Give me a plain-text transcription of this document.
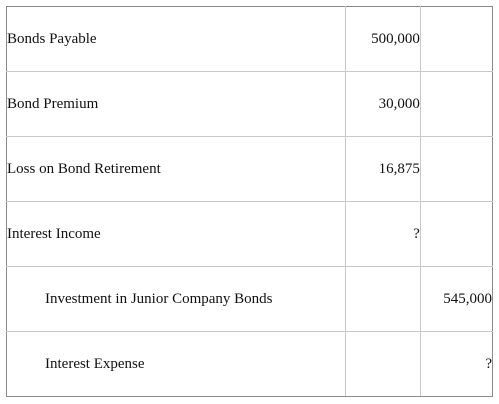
Bonds Payable	500,000	
Bond Premium	30,000	
Loss on Bond Retirement	16,875	
Interest Income	?	
Investment in Junior Company Bonds		545,000
Interest Expense		?
